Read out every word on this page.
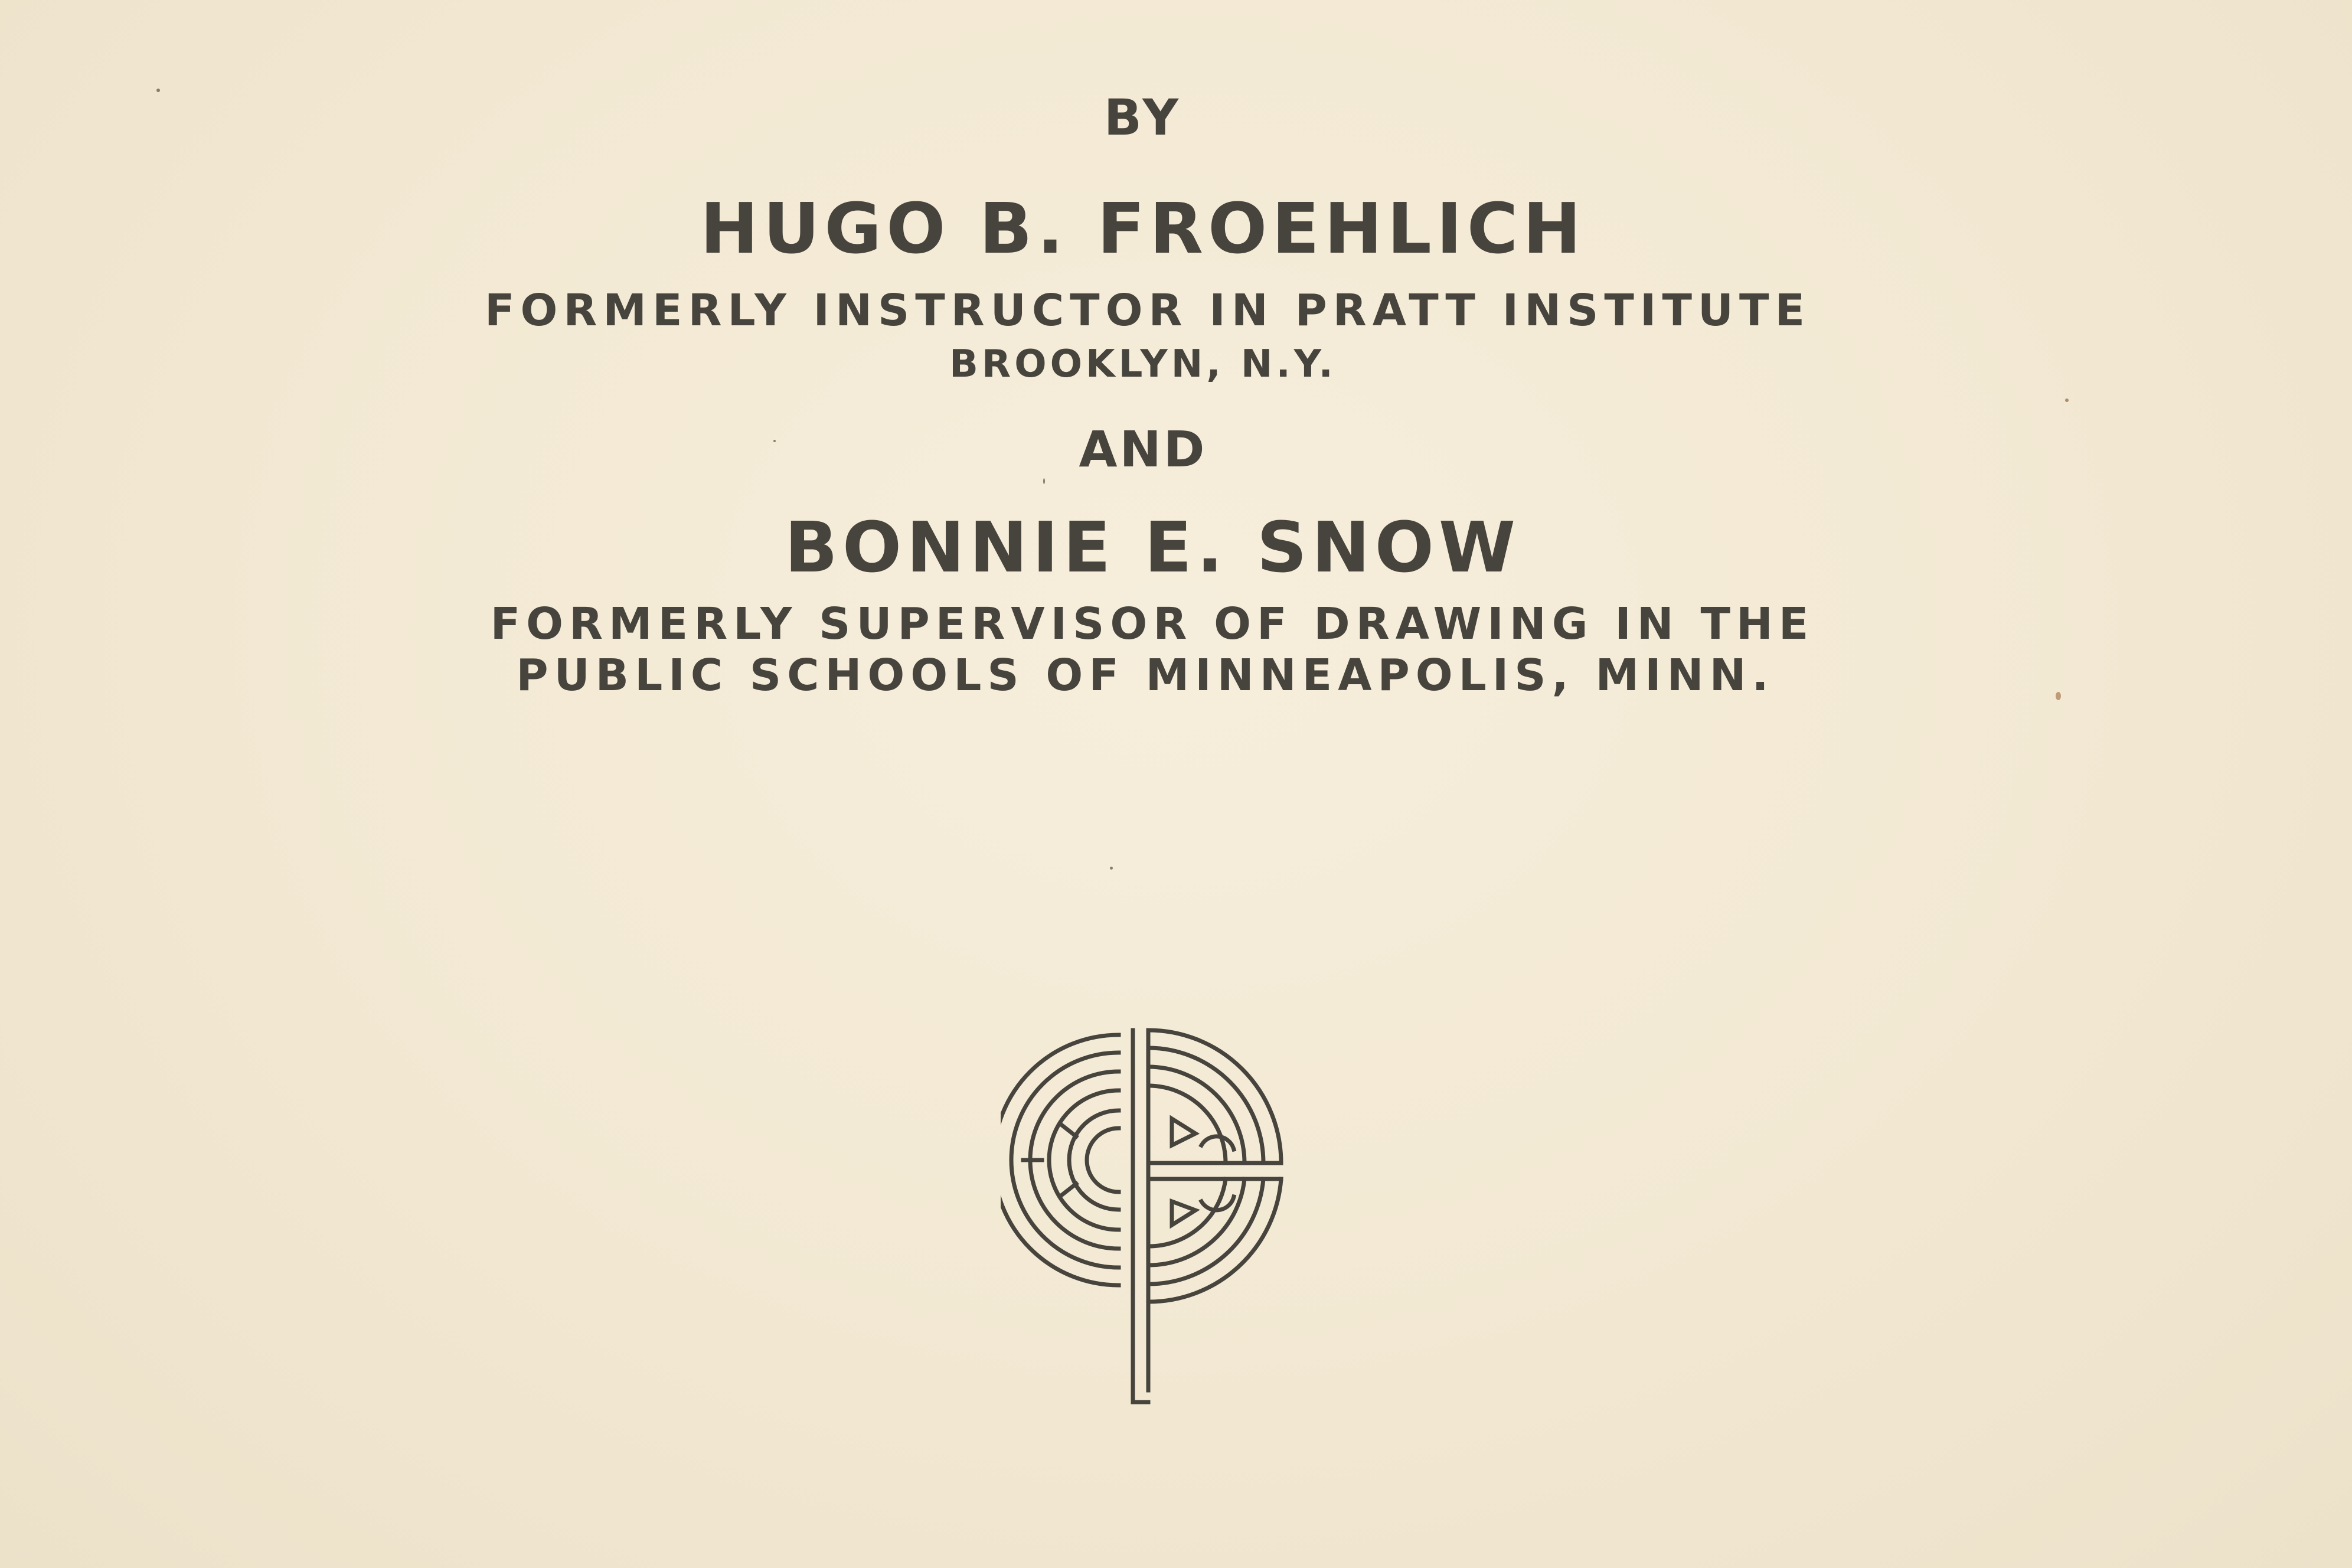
BY
HUGO B. FROEHLICH
FORMERLY INSTRUCTOR IN PRATT INSTITUTE
BROOKLYN, N.Y.
AND
BONNIE E. SNOW
FORMERLY SUPERVISOR OF DRAWING IN THE
PUBLIC SCHOOLS OF MINNEAPOLIS, MINN.
